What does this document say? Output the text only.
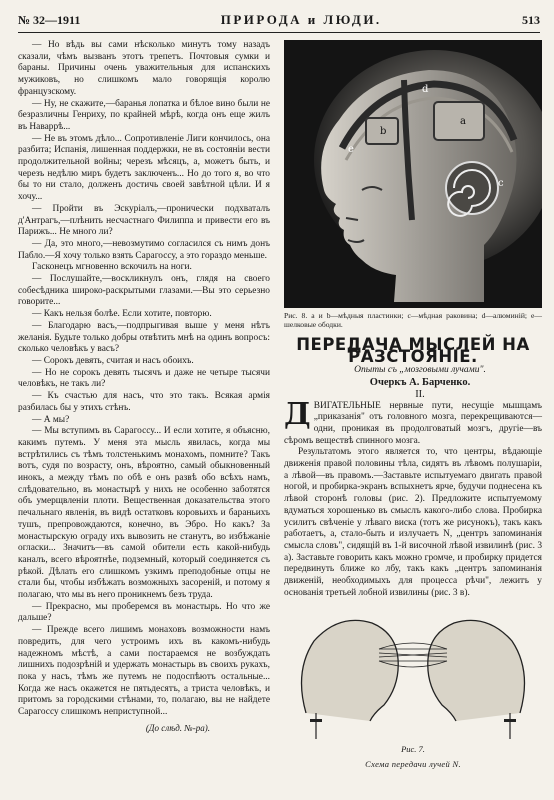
№ 32—1911	ПРИРОДА и ЛЮДИ.	513

— Но вѣдь вы сами нѣсколько минутъ тому назадъ сказали, чѣмъ вызванъ этотъ трепетъ. Почтовыя сумки и бараны. Причины очень уважительныя для испанскихъ мужиковъ, но слишкомъ мало говорящія королю французскому.

— Ну, не скажите,—баранья лопатка и бѣлое вино были не безразличны Генриху, по крайней мѣрѣ, когда онъ еще жилъ въ Наваррѣ...

— Не въ этомъ дѣло... Сопротивленіе Лиги кончилось, она разбита; Испанія, лишенная поддержки, не въ состояніи вести продолжительной войны; черезъ мѣсяцъ, а, можетъ быть, и черезъ недѣлю миръ будетъ заключенъ... Но до того я, во что бы то ни стало, долженъ достичь своей завѣтной цѣли. И я хочу...

— Пройти въ Эскуріалъ,—пронически подхваталъ д'Антрагъ,—плѣнить несчастнаго Филиппа и привести его въ Парижъ... Не много ли?

— Да, это много,—невозмутимо согласился съ нимъ донъ Пабло.—Я хочу только взять Сарагоссу, а это гораздо меньше.

Гасконецъ мгновенно вскочилъ на ноги.

— Послушайте,—воскликнулъ онъ, глядя на своего собесѣдника широко-раскрытыми глазами.—Вы это серьезно говорите...

— Какъ нельзя болѣе. Если хотите, повторю.

— Благодарю васъ,—подпрыгивая выше у меня нѣтъ желанія. Будьте только добры отвѣтить мнѣ на одинъ вопросъ: сколько человѣкъ у васъ?

— Сорокъ девять, считая и насъ обоихъ.

— Но не сорокъ девять тысячъ и даже не четыре тысячи человѣкъ, не такъ ли?

— Къ счастью для насъ, что это такъ. Всякая армія разбилась бы у этихъ стѣнъ.

— А мы?

— Мы вступимъ въ Сарагоссу... И если хотите, я объясню, какимъ путемъ. У меня эта мысль явилась, когда мы встрѣтились съ тѣмъ толстенькимъ монахомъ, помните? Такъ вотъ, судя по возрасту, онъ, вѣроятно, самый обыкновенный инокъ, а между тѣмъ по обѣ е онъ развѣ обо всѣхъ намъ, слѣдовательно, въ монастырѣ у нихъ не особенно заботятся объ умерщвленіи плоти. Вещественная доказательства этого печальнаго явленія, въ видѣ остатковъ коровьихъ и бараньихъ тушъ, препровождаются, конечно, въ Эбро. Но какъ? За монастырскую ограду ихъ вывозить не станутъ, во избѣжаніе огласки... Значитъ—въ самой обители есть какой-нибудь каналъ, всего вѣроятнѣе, подземный, который соединяется съ рѣкой. Дѣлать его слишкомъ узкимъ преподобные отцы не стали бы, чтобы избѣжать возможныхъ засореній, и потому я полагаю, что мы въ него проникнемъ безъ труда.

— Прекрасно, мы проберемся въ монастырь. Но что же дальше?

— Прежде всего лишимъ монаховъ возможности намъ повредить, для чего устроимъ ихъ въ какомъ-нибудь надежномъ мѣстѣ, а сами постараемся не возбуждать лишнихъ подозрѣній и удержать монастырь въ своихъ рукахъ, пока у насъ, тѣмъ же путемъ не подоспѣютъ остальные... Когда же насъ окажется не пятьдесятъ, а триста человѣкъ, и притомъ за городскими стѣнами, то, полагаю, вы не найдете Сарагоссу слишкомъ неприступной...

(До слѣд. №-ра).
a
b
c
d
e
Рис. 8. а и b—мѣдныя пластинки; с—мѣдная раковина; d—алюминій; е—шелковые ободки.
ПЕРЕДАЧА МЫСЛЕЙ НА РАЗСТОЯНІЕ.

Опыты съ „мозговыми лучами".

Очеркъ А. Барченко.

II.

ДВИГАТЕЛЬНЫЕ нервные пути, несущіе мышцамъ „приказанія" отъ головного мозга, перекрещиваются—одни, проникая въ продолговатый мозгъ, другіе—въ сѣромъ веществѣ спинного мозга.

Результатомъ этого является то, что центры, вѣдающіе движенія правой половины тѣла, сидятъ въ лѣвомъ полушаріи, а лѣвой—въ правомъ.—Заставьте испытуемаго двигать правой ногой, и пробирка-экранъ вспыхнетъ ярче, будучи поднесена къ лѣвой сторонѣ головы (рис. 2). Предложите испытуемому вдуматься хорошенько въ смыслъ какого-либо слова. Пробирка усилитъ свѣченіе у лѣваго виска (тотъ же рисунокъ), такъ какъ работаетъ, а, стало-быть и излучаетъ N, „центръ запоминанія смысла словъ", сидящій въ 1-й височной лѣвой извилинѣ (рис. 3 а). Заставьте говорить какъ можно громче, и пробирку придется передвинуть ближе ко лбу, такъ какъ „центръ запоминанія движеній, необходимыхъ для процесса рѣчи", лежитъ у основанія третьей лобной извилины (рис. 3 в).

Рис. 7.
Схема передачи лучей N.
